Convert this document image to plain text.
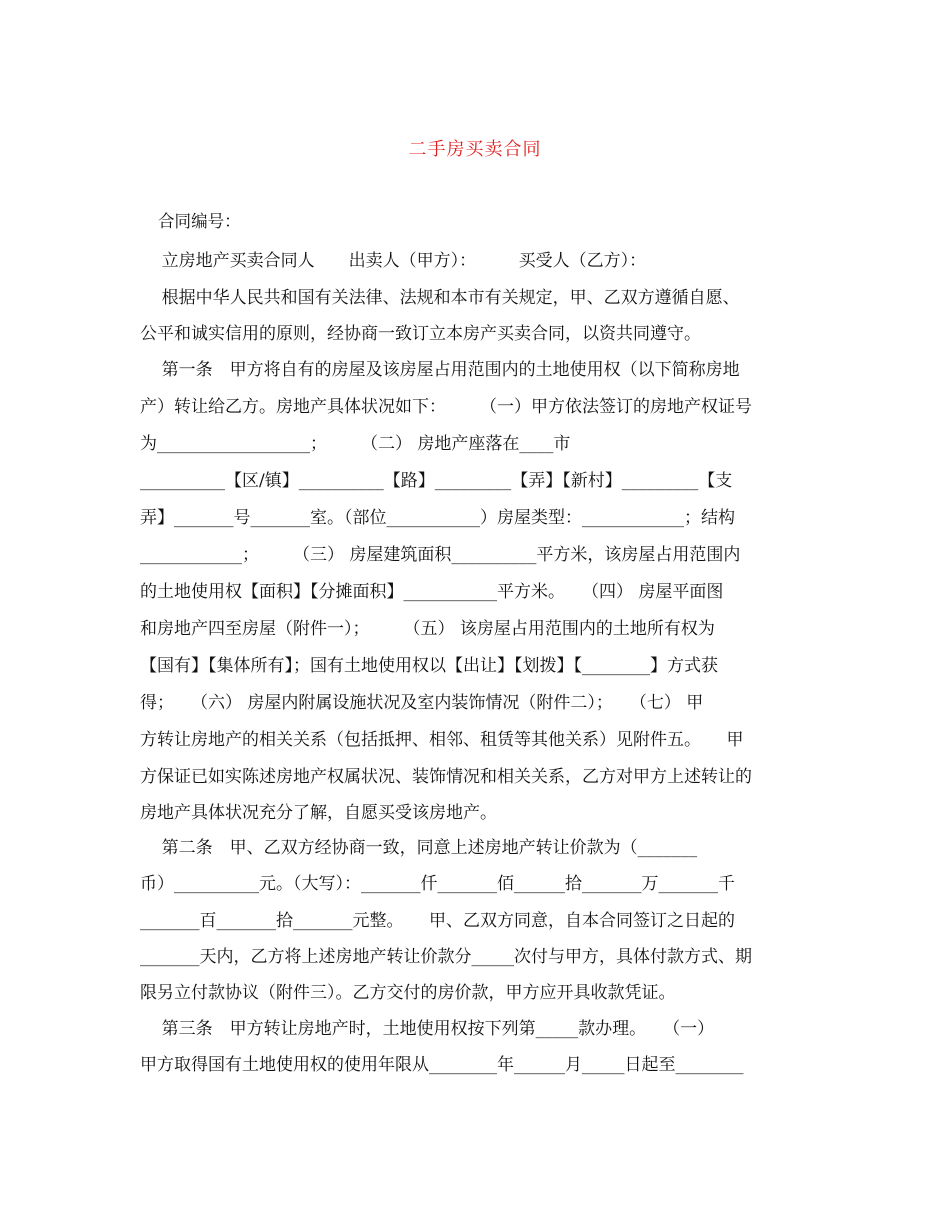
二手房买卖合同
合同编号：
立房地产买卖合同人　　出卖人（甲方）：　　　买受人（乙方）：
根据中华人民共和国有关法律、法规和本市有关规定，甲、乙双方遵循自愿、
公平和诚实信用的原则，经协商一致订立本房产买卖合同，以资共同遵守。
第一条　甲方将自有的房屋及该房屋占用范围内的土地使用权（以下简称房地
产）转让给乙方。房地产具体状况如下：　　　（一）甲方依法签订的房地产权证号
为__________________；　　　（二） 房地产座落在____市
__________【区/镇】__________【路】_________【弄】【新村】_________【支
弄】_______号_______室。（部位___________）房屋类型：____________；结构
____________；　　　（三） 房屋建筑面积__________平方米，该房屋占用范围内
的土地使用权【面积】【分摊面积】___________平方米。　　（四） 房屋平面图
和房地产四至房屋（附件一）；　　　（五） 该房屋占用范围内的土地所有权为
【国有】【集体所有】；国有土地使用权以【出让】【划拨】【________】方式获
得；　　（六） 房屋内附属设施状况及室内装饰情况（附件二）；　　（七） 甲
方转让房地产的相关关系（包括抵押、相邻、租赁等其他关系）见附件五。　　甲
方保证已如实陈述房地产权属状况、装饰情况和相关关系，乙方对甲方上述转让的
房地产具体状况充分了解，自愿买受该房地产。
第二条　甲、乙双方经协商一致，同意上述房地产转让价款为（_______
币）__________元。（大写）：_______仟_______佰______拾_______万_______千
_______百_______拾_______元整。　　甲、乙双方同意，自本合同签订之日起的
_______天内，乙方将上述房地产转让价款分_____次付与甲方，具体付款方式、期
限另立付款协议（附件三）。乙方交付的房价款，甲方应开具收款凭证。
第三条　甲方转让房地产时，土地使用权按下列第_____款办理。　　（一）
甲方取得国有土地使用权的使用年限从________年______月_____日起至________
